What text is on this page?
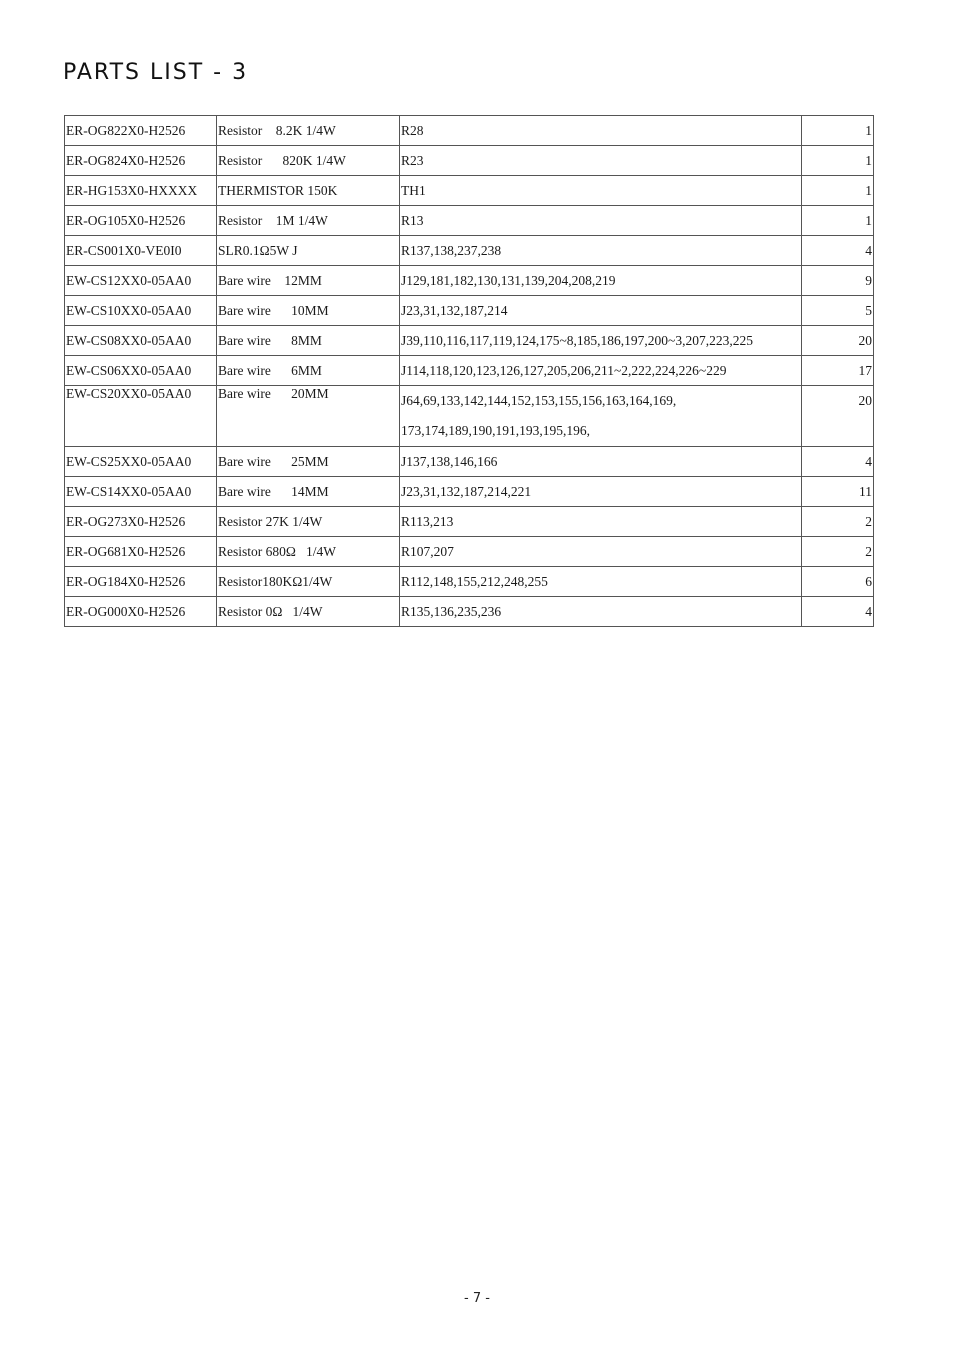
PARTS LIST - 3
ER-OG822X0-H2526	Resistor    8.2K 1/4W	R28	1
ER-OG824X0-H2526	Resistor      820K 1/4W	R23	1
ER-HG153X0-HXXXX	THERMISTOR 150K	TH1	1
ER-OG105X0-H2526	Resistor    1M 1/4W	R13	1
ER-CS001X0-VE0I0	SLR0.1Ω5W J	R137,138,237,238	4
EW-CS12XX0-05AA0	Bare wire    12MM	J129,181,182,130,131,139,204,208,219	9
EW-CS10XX0-05AA0	Bare wire      10MM	J23,31,132,187,214	5
EW-CS08XX0-05AA0	Bare wire      8MM	J39,110,116,117,119,124,175~8,185,186,197,200~3,207,223,225	20
EW-CS06XX0-05AA0	Bare wire      6MM	J114,118,120,123,126,127,205,206,211~2,222,224,226~229	17
EW-CS20XX0-05AA0	Bare wire      20MM	J64,69,133,142,144,152,153,155,156,163,164,169,
173,174,189,190,191,193,195,196,	20
EW-CS25XX0-05AA0	Bare wire      25MM	J137,138,146,166	4
EW-CS14XX0-05AA0	Bare wire      14MM	J23,31,132,187,214,221	11
ER-OG273X0-H2526	Resistor 27K 1/4W	R113,213	2
ER-OG681X0-H2526	Resistor 680Ω   1/4W	R107,207	2
ER-OG184X0-H2526	Resistor180KΩ1/4W	R112,148,155,212,248,255	6
ER-OG000X0-H2526	Resistor 0Ω   1/4W	R135,136,235,236	4
- 7 -
